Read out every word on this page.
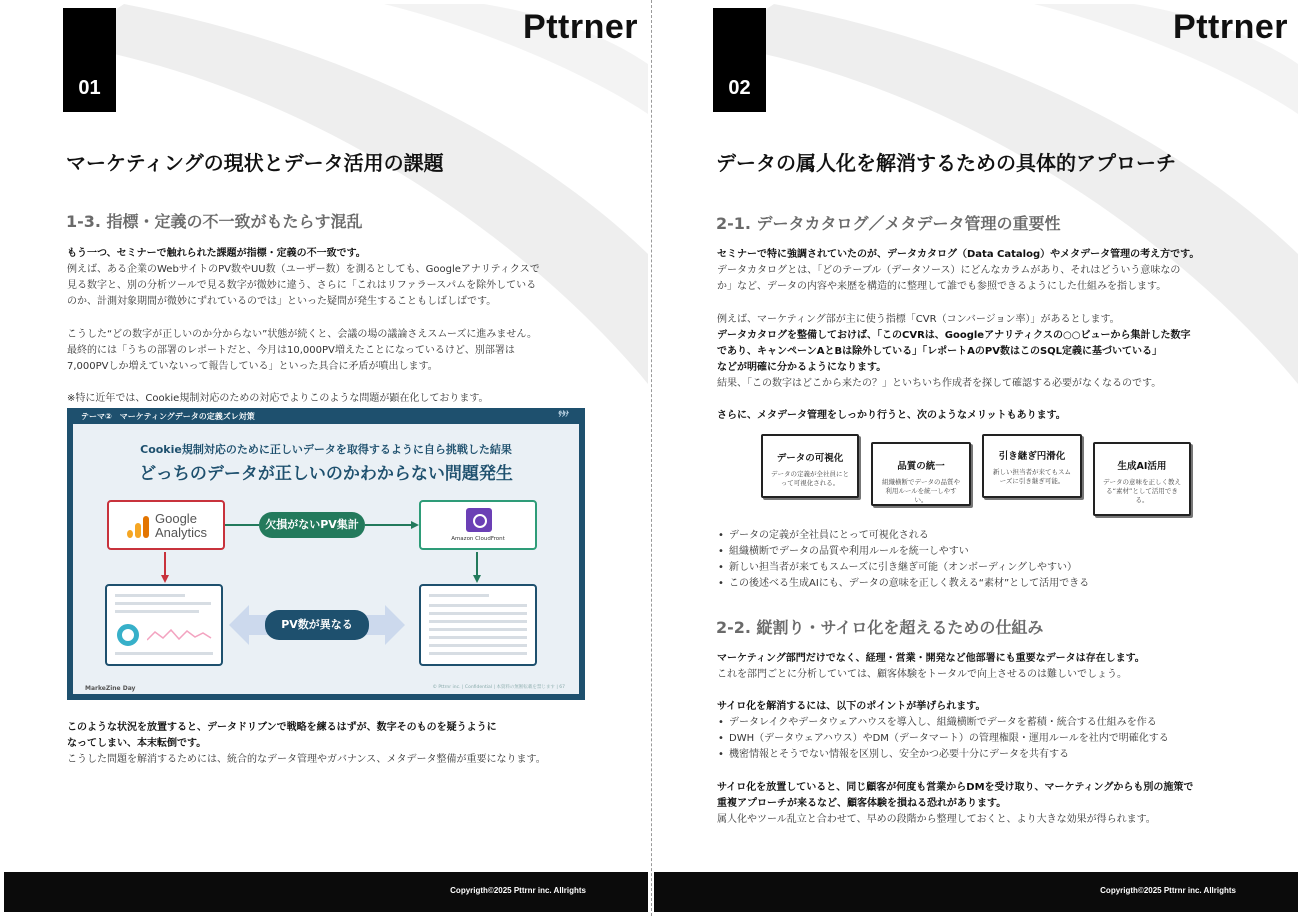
01
Pttrner
マーケティングの現状とデータ活用の課題
1-3. 指標・定義の不一致がもたらす混乱
もう一つ、セミナーで触れられた課題が指標・定義の不一致です。
例えば、ある企業のWebサイトのPV数やUU数（ユーザー数）を測るとしても、Googleアナリティクスで
見る数字と、別の分析ツールで見る数字が微妙に違う、さらに「これはリファラースパムを除外している
のか、計測対象期間が微妙にずれているのでは」といった疑問が発生することもしばしばです。
こうした“どの数字が正しいのか分からない”状態が続くと、会議の場の議論さえスムーズに進みません。
最終的には「うちの部署のレポートだと、今月は10,000PV増えたことになっているけど、別部署は
7,000PVしか増えていないって報告している」といった具合に矛盾が噴出します。
※特に近年では、Cookie規制対応のための対応でよりこのような問題が顕在化しております。
テーマ②　マーケティングデータの定義ズレ対策	ｻﾀﾅ
Cookie規制対応のために正しいデータを取得するように自ら挑戦した結果
どっちのデータが正しいのかわからない問題発生
Google
Analytics
欠損がないPV集計
Amazon CloudFront
PV数が異なる
MarkeZine Day	© Pttrnr inc. | Confidential | 本資料の無断転載を禁じます | 67
このような状況を放置すると、データドリブンで戦略を練るはずが、数字そのものを疑うように
なってしまい、本末転倒です。
こうした問題を解消するためには、統合的なデータ管理やガバナンス、メタデータ整備が重要になります。
Copyrigth©2025 Pttrnr inc. Allrights
02
Pttrner
データの属人化を解消するための具体的アプローチ
2-1. データカタログ／メタデータ管理の重要性
セミナーで特に強調されていたのが、データカタログ（Data Catalog）やメタデータ管理の考え方です。
データカタログとは、「どのテーブル（データソース）にどんなカラムがあり、それはどういう意味なの
か」など、データの内容や来歴を構造的に整理して誰でも参照できるようにした仕組みを指します。
例えば、マーケティング部が主に使う指標「CVR（コンバージョン率）」があるとします。
データカタログを整備しておけば、「このCVRは、Googleアナリティクスの○○ビューから集計した数字
であり、キャンペーンAとBは除外している」「レポートAのPV数はこのSQL定義に基づいている」
などが明確に分かるようになります。
結果、「この数字はどこから来たの？」といちいち作成者を探して確認する必要がなくなるのです。
さらに、メタデータ管理をしっかり行うと、次のようなメリットもあります。
データの可視化
データの定義が全社員にとって可視化される。
品質の統一
組織横断でデータの品質や利用ルールを統一しやすい。
引き継ぎ円滑化
新しい担当者が来てもスムーズに引き継ぎ可能。
生成AI活用
データの意味を正しく教える“素材”として活用できる。
• データの定義が全社員にとって可視化される
• 組織横断でデータの品質や利用ルールを統一しやすい
• 新しい担当者が来てもスムーズに引き継ぎ可能（オンボーディングしやすい）
• この後述べる生成AIにも、データの意味を正しく教える“素材”として活用できる
2-2. 縦割り・サイロ化を超えるための仕組み
マーケティング部門だけでなく、経理・営業・開発など他部署にも重要なデータは存在します。
これを部門ごとに分析していては、顧客体験をトータルで向上させるのは難しいでしょう。
サイロ化を解消するには、以下のポイントが挙げられます。
• データレイクやデータウェアハウスを導入し、組織横断でデータを蓄積・統合する仕組みを作る
• DWH（データウェアハウス）やDM（データマート）の管理権限・運用ルールを社内で明確化する
• 機密情報とそうでない情報を区別し、安全かつ必要十分にデータを共有する
サイロ化を放置していると、同じ顧客が何度も営業からDMを受け取り、マーケティングからも別の施策で
重複アプローチが来るなど、顧客体験を損ねる恐れがあります。
属人化やツール乱立と合わせて、早めの段階から整理しておくと、より大きな効果が得られます。
Copyrigth©2025 Pttrnr inc. Allrights
